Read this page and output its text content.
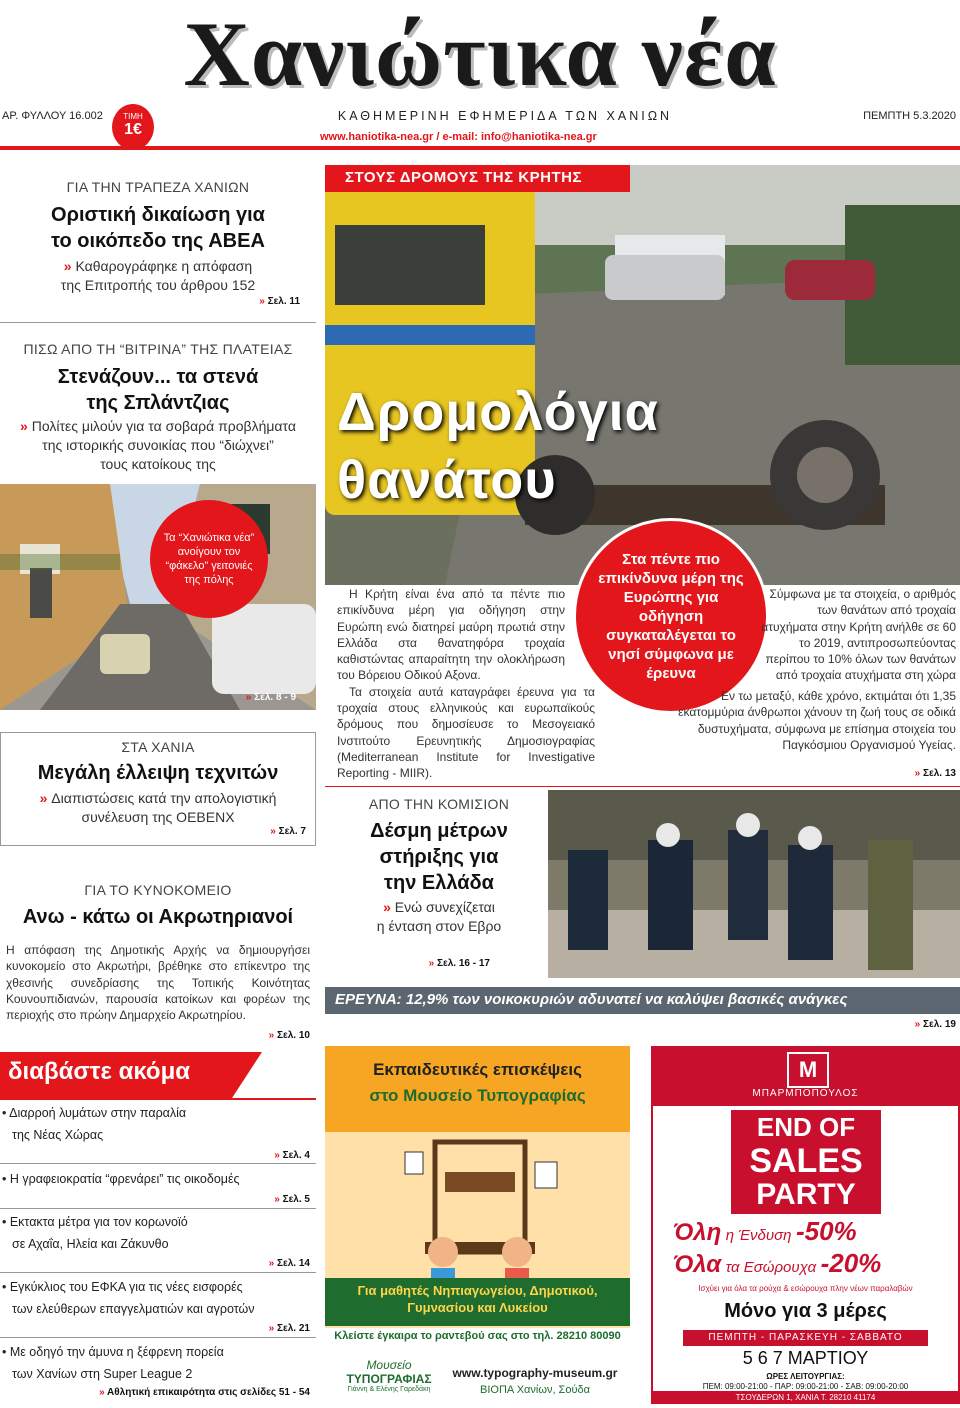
Χανιώτικα νέα
ΑΡ. ΦΥΛΛΟΥ 16.002	ΤΙΜΗ
1€
ΚΑΘΗΜΕΡΙΝΗ ΕΦΗΜΕΡΙΔΑ ΤΩΝ ΧΑΝΙΩΝ	ΠΕΜΠΤΗ 5.3.2020
www.haniotika-nea.gr / e-mail: info@haniotika-nea.gr
ΓΙΑ ΤΗΝ ΤΡΑΠΕΖΑ ΧΑΝΙΩΝ
Οριστική δικαίωση για
το οικόπεδο της ΑΒΕΑ
» Καθαρογράφηκε η απόφαση
της Επιτροπής του άρθρου 152
» Σελ. 11
ΠΙΣΩ ΑΠΟ ΤΗ “ΒΙΤΡΙΝΑ” ΤΗΣ ΠΛΑΤΕΙΑΣ
Στενάζουν... τα στενά
της Σπλάντζιας
» Πολίτες μιλούν για τα σοβαρά προβλήματα
της ιστορικής συνοικίας που “διώχνει”
τους κατοίκους της
Τα “Χανιώτικα νέα” ανοίγουν τον “φάκελο” γειτονιές της πόλης
» Σελ. 8 - 9
ΣΤΑ ΧΑΝΙΑ
Μεγάλη έλλειψη τεχνιτών
» Διαπιστώσεις κατά την απολογιστική
συνέλευση της ΟΕΒΕΝΧ
» Σελ. 7
ΓΙΑ ΤΟ ΚΥΝΟΚΟΜΕΙΟ
Ανω - κάτω οι Ακρωτηριανοί
Η απόφαση της Δημοτικής Αρχής να δημιουργήσει κυνοκομείο στο Ακρωτήρι, βρέθηκε στο επίκεντρο της χθεσινής συνεδρίασης της Τοπικής Κοινότητας Κουνουπιδιανών, παρουσία κατοίκων και φορέων της περιοχής στο πρώην Δημαρχείο Ακρωτηρίου.
» Σελ. 10
διαβάστε ακόμα
• Διαρροή λυμάτων στην παραλία
της Νέας Χώρας
» Σελ. 4
• Η γραφειοκρατία “φρενάρει” τις οικοδομές
» Σελ. 5
• Εκτακτα μέτρα για τον κορωνοϊό
σε Αχαΐα, Ηλεία και Ζάκυνθο
» Σελ. 14
• Εγκύκλιος του ΕΦΚΑ για τις νέες εισφορές
των ελεύθερων επαγγελματιών και αγροτών
» Σελ. 21
• Με οδηγό την άμυνα η ξέφρενη πορεία
των Χανίων στη Super League 2
» Αθλητική επικαιρότητα στις σελίδες 51 - 54
ΣΤΟΥΣ ΔΡΟΜΟΥΣ ΤΗΣ ΚΡΗΤΗΣ
Δρομολόγια
θανάτου
Στα πέντε πιο επικίνδυνα μέρη της Ευρώπης για οδήγηση συγκαταλέγεται το νησί σύμφωνα με έρευνα
Η Κρήτη είναι ένα από τα πέντε πιο επικίνδυνα μέρη για οδήγηση στην Ευρώπη ενώ διατηρεί μαύρη πρωτιά στην Ελλάδα στα θανατηφόρα τροχαία καθιστώντας απαραίτητη την ολοκλήρωση του Βόρειου Οδικού Αξονα.
Τα στοιχεία αυτά καταγράφει έρευνα για τα τροχαία στους ελληνικούς και ευρωπαϊκούς δρόμους που δημοσίευσε το Μεσογειακό Ινστιτούτο Ερευνητικής Δημοσιογραφίας (Mediterranean Institute for Investigative Reporting - MIIR).
Σύμφωνα με τα στοιχεία, ο αριθμός των θανάτων από τροχαία ατυχήματα στην Κρήτη ανήλθε σε 60 το 2019, αντιπροσωπεύοντας περίπου το 10% όλων των θανάτων από τροχαία ατυχήματα στη χώρα
Εν τω μεταξύ, κάθε χρόνο, εκτιμάται ότι 1,35 εκατομμύρια άνθρωποι χάνουν τη ζωή τους σε οδικά δυστυχήματα, σύμφωνα με επίσημα στοιχεία του Παγκόσμιου Οργανισμού Υγείας.
» Σελ. 13
ΑΠΟ ΤΗΝ ΚΟΜΙΣΙΟΝ
Δέσμη μέτρων
στήριξης για
την Ελλάδα
» Ενώ συνεχίζεται
η ένταση στον Εβρο
» Σελ. 16 - 17
ΕΡΕΥΝΑ: 12,9% των νοικοκυριών αδυνατεί να καλύψει βασικές ανάγκες
» Σελ. 19
Εκπαιδευτικές επισκέψεις
στο Μουσείο Τυπογραφίας
Για μαθητές Νηπιαγωγείου, Δημοτικού, Γυμνασίου και Λυκείου
Κλείστε έγκαιρα το ραντεβού σας στο τηλ. 28210 80090
Μουσείο
ΤΥΠΟΓΡΑΦΙΑΣ
Γιάννη & Ελένης Γαρεδάκη
www.typography-museum.gr
ΒΙΟΠΑ Χανίων, Σούδα
M
ΜΠΑΡΜΠΟΠΟΥΛΟΣ
END OF
SALES
PARTY
Όλη η Ένδυση -50%
Όλα τα Εσώρουχα -20%
Ισχύει για όλα τα ρούχα & εσώρουχα πλην νέων παραλαβών
Μόνο για 3 μέρες
ΠΕΜΠΤΗ - ΠΑΡΑΣΚΕΥΗ - ΣΑΒΒΑΤΟ
5 6 7 ΜΑΡΤΙΟΥ
ΩΡΕΣ ΛΕΙΤΟΥΡΓΙΑΣ:
ΠΕΜ: 09:00-21:00 - ΠΑΡ: 09:00-21:00 - ΣΑΒ: 09:00-20:00
ΤΣΟΥΔΕΡΩΝ 1, ΧΑΝΙΑ Τ. 28210 41174
